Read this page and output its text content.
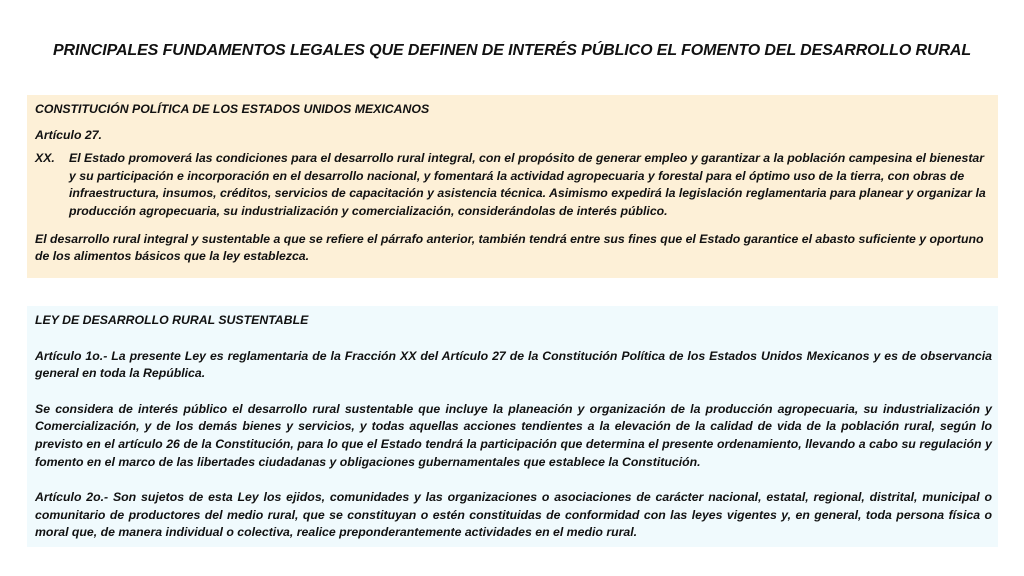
PRINCIPALES FUNDAMENTOS LEGALES QUE DEFINEN DE INTERÉS PÚBLICO EL FOMENTO DEL DESARROLLO RURAL

CONSTITUCIÓN POLÍTICA DE LOS ESTADOS UNIDOS MEXICANOS

Artículo 27.

XX.	El Estado promoverá las condiciones para el desarrollo rural integral, con el propósito de generar empleo y garantizar a la población campesina el bienestar y su participación e incorporación en el desarrollo nacional, y fomentará la actividad agropecuaria y forestal para el óptimo uso de la tierra, con obras de infraestructura, insumos, créditos, servicios de capacitación y asistencia técnica. Asimismo expedirá la legislación reglamentaria para planear y organizar la producción agropecuaria, su industrialización y comercialización, considerándolas de interés público.

El desarrollo rural integral y sustentable a que se refiere el párrafo anterior, también tendrá entre sus fines que el Estado garantice el abasto suficiente y oportuno de los alimentos básicos que la ley establezca.

LEY DE DESARROLLO RURAL SUSTENTABLE

Artículo 1o.- La presente Ley es reglamentaria de la Fracción XX del Artículo 27 de la Constitución Política de los Estados Unidos Mexicanos y es de observancia general en toda la República.

Se considera de interés público el desarrollo rural sustentable que incluye la planeación y organización de la producción agropecuaria, su industrialización y Comercialización, y de los demás bienes y servicios, y todas aquellas acciones tendientes a la elevación de la calidad de vida de la población rural, según lo previsto en el artículo 26 de la Constitución, para lo que el Estado tendrá la participación que determina el presente ordenamiento, llevando a cabo su regulación y fomento en el marco de las libertades ciudadanas y obligaciones gubernamentales que establece la Constitución.

Artículo 2o.- Son sujetos de esta Ley los ejidos, comunidades y las organizaciones o asociaciones de carácter nacional, estatal, regional, distrital, municipal o comunitario de productores del medio rural, que se constituyan o estén constituidas de conformidad con las leyes vigentes y, en general, toda persona física o moral que, de manera individual o colectiva, realice preponderantemente actividades en el medio rural.
